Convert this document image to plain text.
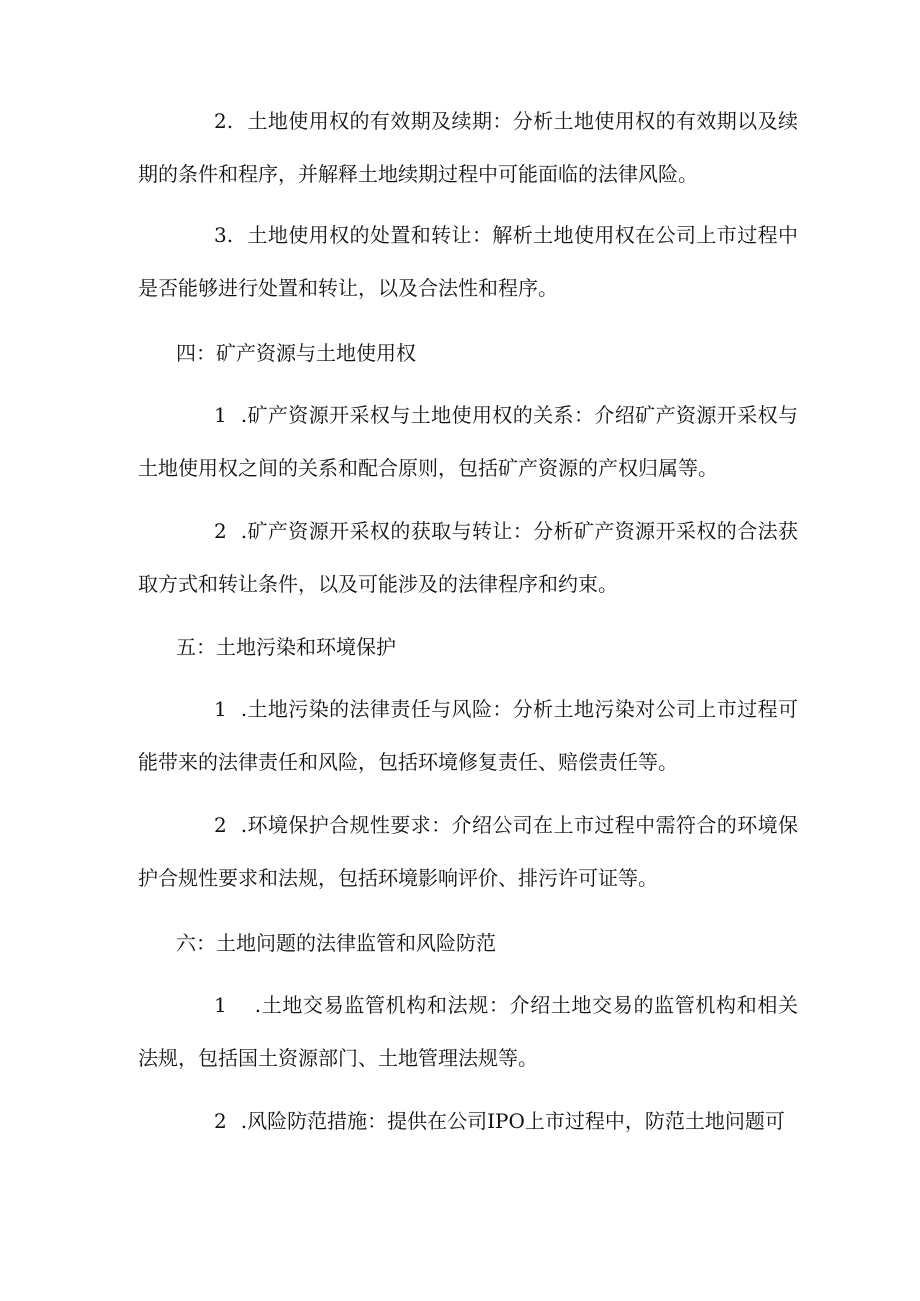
2. 土地使用权的有效期及续期：分析土地使用权的有效期以及续期的条件和程序，并解释土地续期过程中可能面临的法律风险。

3. 土地使用权的处置和转让：解析土地使用权在公司上市过程中是否能够进行处置和转让，以及合法性和程序。

四：矿产资源与土地使用权

1 .矿产资源开采权与土地使用权的关系：介绍矿产资源开采权与土地使用权之间的关系和配合原则，包括矿产资源的产权归属等。

2 .矿产资源开采权的获取与转让：分析矿产资源开采权的合法获取方式和转让条件，以及可能涉及的法律程序和约束。

五：土地污染和环境保护

1 .土地污染的法律责任与风险：分析土地污染对公司上市过程可能带来的法律责任和风险，包括环境修复责任、赔偿责任等。

2 .环境保护合规性要求：介绍公司在上市过程中需符合的环境保护合规性要求和法规，包括环境影响评价、排污许可证等。

六：土地问题的法律监管和风险防范

1 .土地交易监管机构和法规：介绍土地交易的监管机构和相关法规，包括国土资源部门、土地管理法规等。

2 .风险防范措施：提供在公司IPO上市过程中，防范土地问题可
